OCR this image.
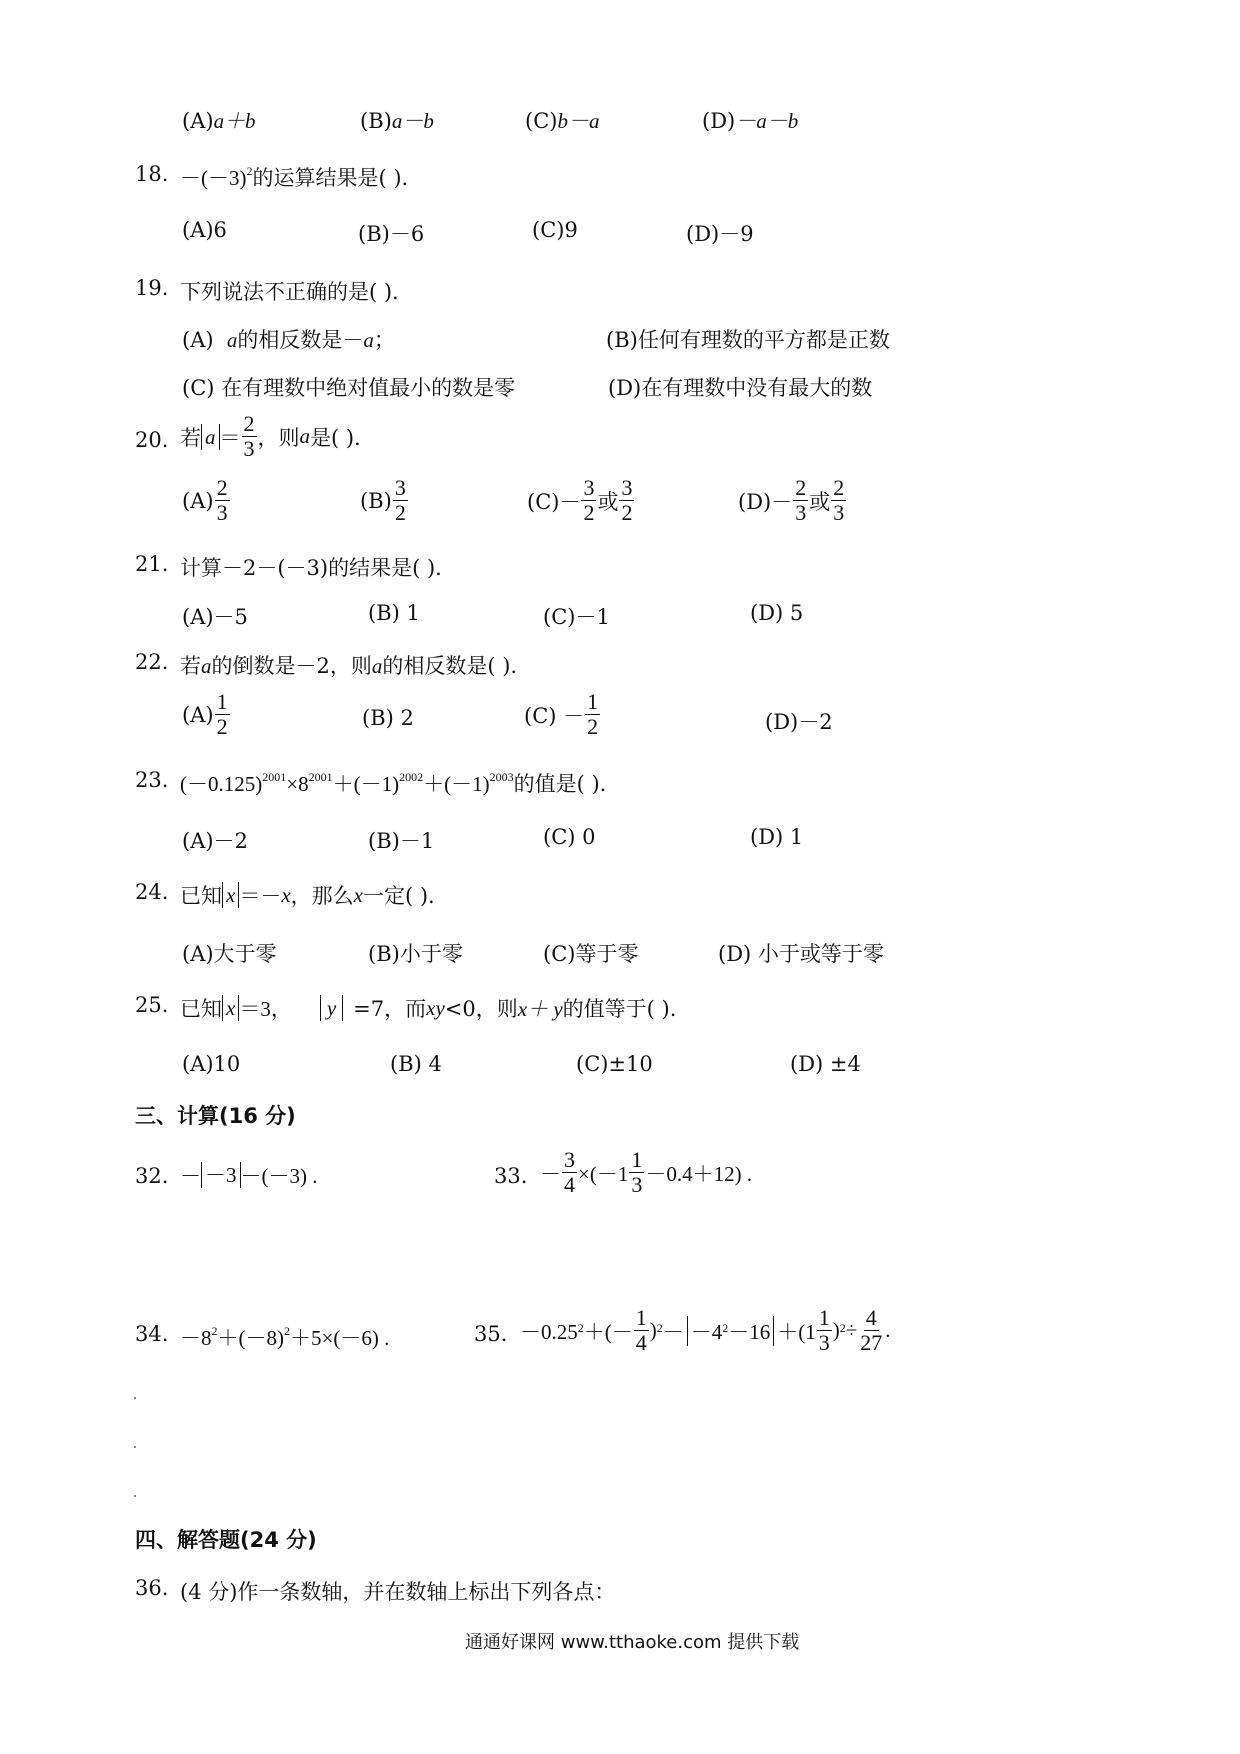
(A)a＋b	(B)a－b	(C)b－a	(D)－a－b
18. $-(-3)^2$的运算结果是( ).
(A)6	(B)－6	(C)9	(D)－9
19. 下列说法不正确的是( ).
(A) a的相反数是－a；	(B)任何有理数的平方都是正数
(C) 在有理数中绝对值最小的数是零	(D)在有理数中没有最大的数
20. 若 $a = \frac{2}{3}$ ，则 a 是( ).
$(A) \frac{2}{3}$	$(B) \frac{3}{2}$	$(C)- \frac{3}{2}$ 或 $\frac{3}{2}$	$(D)- \frac{2}{3}$ 或 $\frac{2}{3}$
21. 计算－2－(－3)的结果是( ).
(A)－5	(B) 1	(C)－1	(D) 5
22. 若a的倒数是－2，则a的相反数是( ).
$(A) \frac{1}{2}$	(B) 2	$(C) - \frac{1}{2}$	(D)－2
23. $(-0.125)^{2001}\times 8^{2001}+(-1)^{2002}+(-1)^{2003}$的值是( ).
(A)－2	(B)－1	(C) 0	(D) 1
24. 已知 x ＝－ x ，那么 x 一定( ).
(A)大于零	(B)小于零	(C)等于零	(D) 小于或等于零
25. 已知 x ＝3，	y =7，而 xy <0，则 x＋ y 的值等于( ).
(A)10	(B) 4	(C)±10	(D) ±4
三、计算(16 分)
32. － －3 －(－3) .	33. － $\frac{3}{4} \times(-1 \frac{1}{3} -0.4+12)$ .
34. $-8^2+(-8)^2+5\times(-6)$ .	35. $-0.25^2$ ＋(－ $\frac{1}{4} )^2 - -4^2 -16 +(1 \frac{1}{3} )^2 \div \frac{4}{27}$ .
四、解答题(24 分)
36. (4 分)作一条数轴，并在数轴上标出下列各点：
通通好课网 www.tthaoke.com 提供下载
